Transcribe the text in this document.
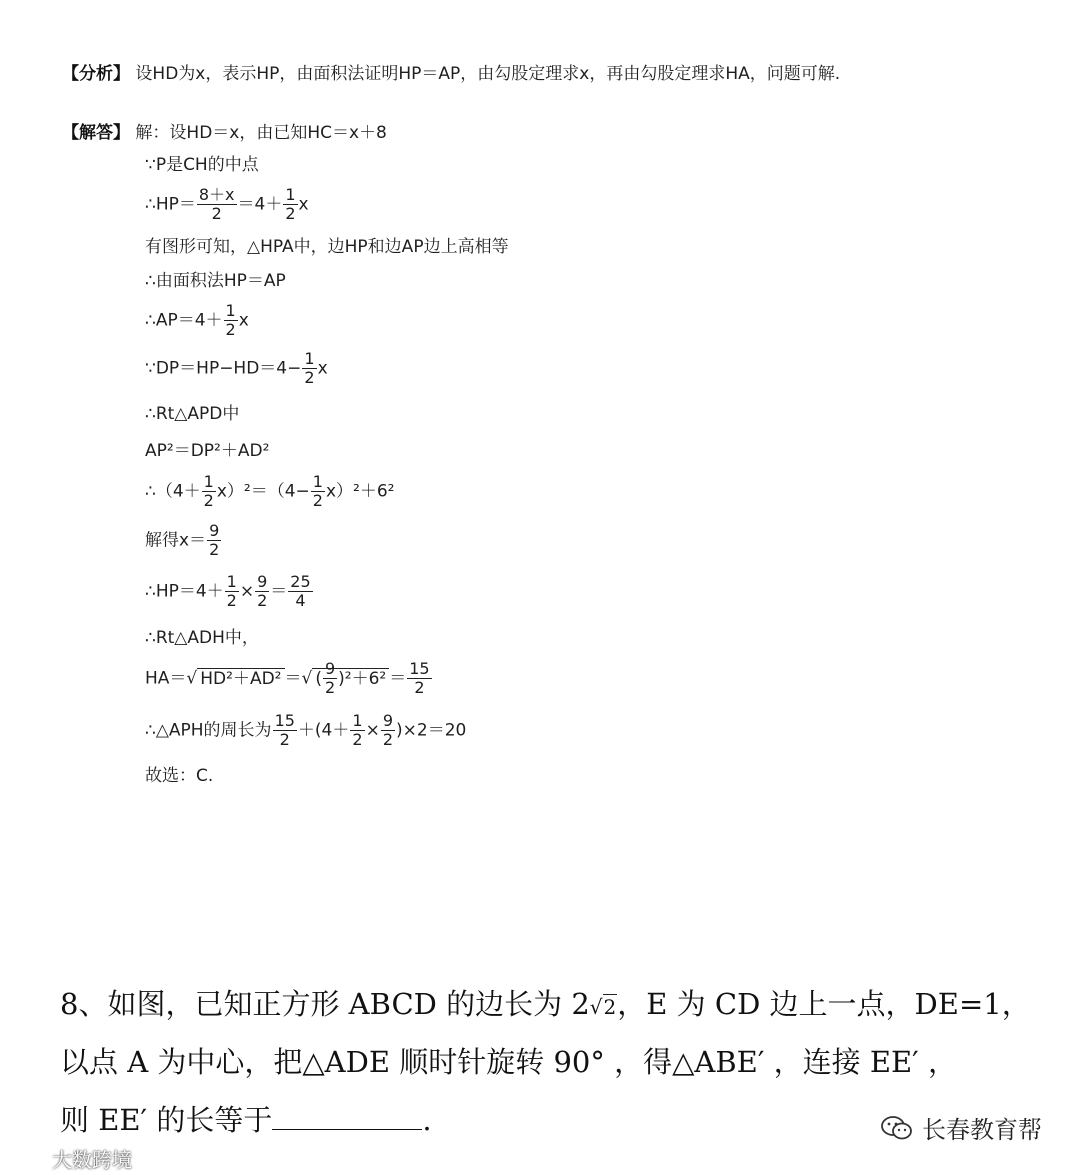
【分析】 设HD为x，表示HP，由面积法证明HP＝AP，由勾股定理求x，再由勾股定理求HA，问题可解.
【解答】 解：设HD＝x，由已知HC＝x＋8
∵P是CH的中点
∴HP＝ $\frac{8+x}{2} =4+ \frac{1}{2}$ x
有图形可知，△HPA中，边HP和边AP边上高相等
∴由面积法HP＝AP
∴AP＝4＋ $\frac{1}{2}$ x
∵DP＝HP−HD＝4− $\frac{1}{2}$ x
∴Rt△APD中
AP²＝DP²＋AD²
∴（4＋ $\frac{1}{2} x)^2=(4- \frac{1}{2} x)^2+6^2$
解得$x= \frac{9}{2}$
∴HP＝4＋ $\frac{1}{2} \times \frac{9}{2} = \frac{25}{4}$
∴Rt△ADH中，
HA＝√ HD²＋AD² ＝√ ( $\frac{9}{2} )^2+6^2 = \frac{15}{2}$
∴△APH的周长为 $\frac{15}{2} +(4+ \frac{1}{2} \times \frac{9}{2} )\times 2=20$
故选：C.
8、如图，已知正方形 ABCD 的边长为 2√2，E 为 CD 边上一点，DE=1，
以点 A 为中心，把△ADE 顺时针旋转 90° ，得△ABE′ ，连接 EE′ ，
则 EE′ 的长等于	.	长春教育帮
大数跨境
